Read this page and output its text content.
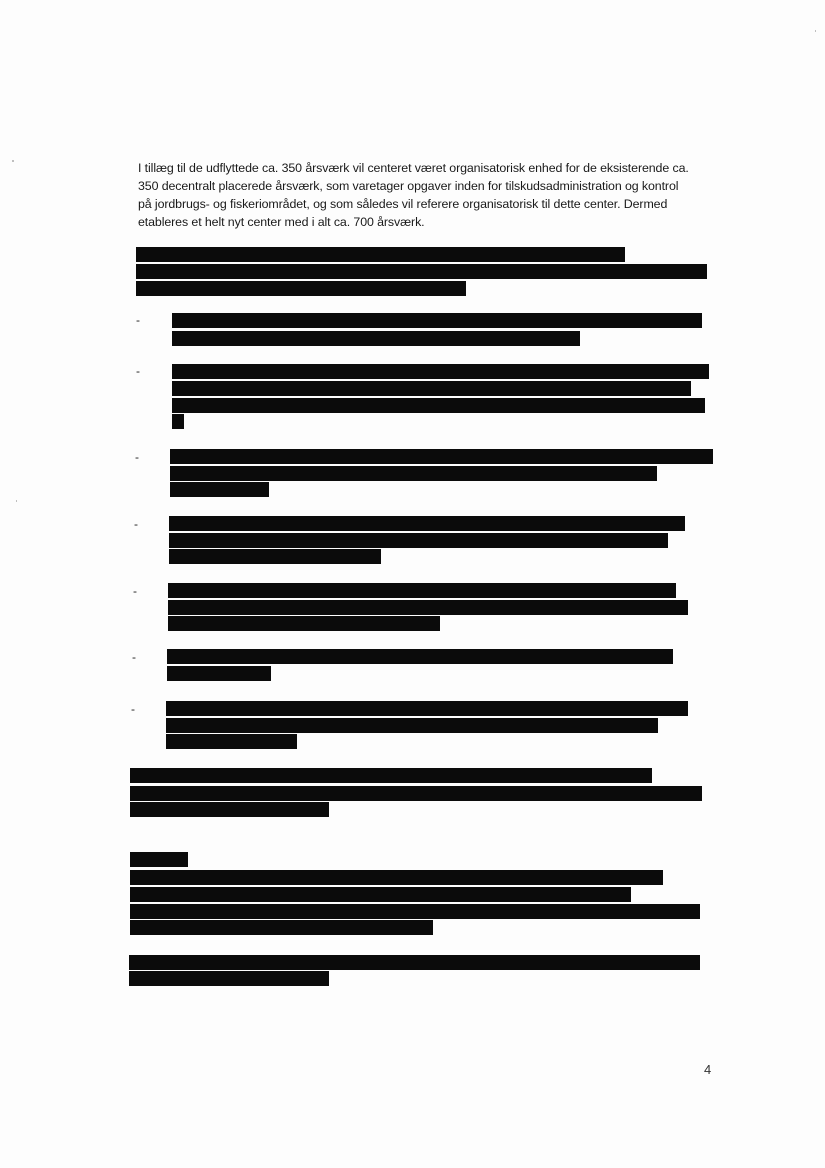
I tillæg til de udflyttede ca. 350 årsværk vil centeret været organisatorisk enhed for de eksisterende ca.
350 decentralt placerede årsværk, som varetager opgaver inden for tilskudsadministration og kontrol
på jordbrugs- og fiskeriområdet, og som således vil referere organisatorisk til dette center. Dermed
etableres et helt nyt center med i alt ca. 700 årsværk.

-
-
-
-
-
-
-
4
